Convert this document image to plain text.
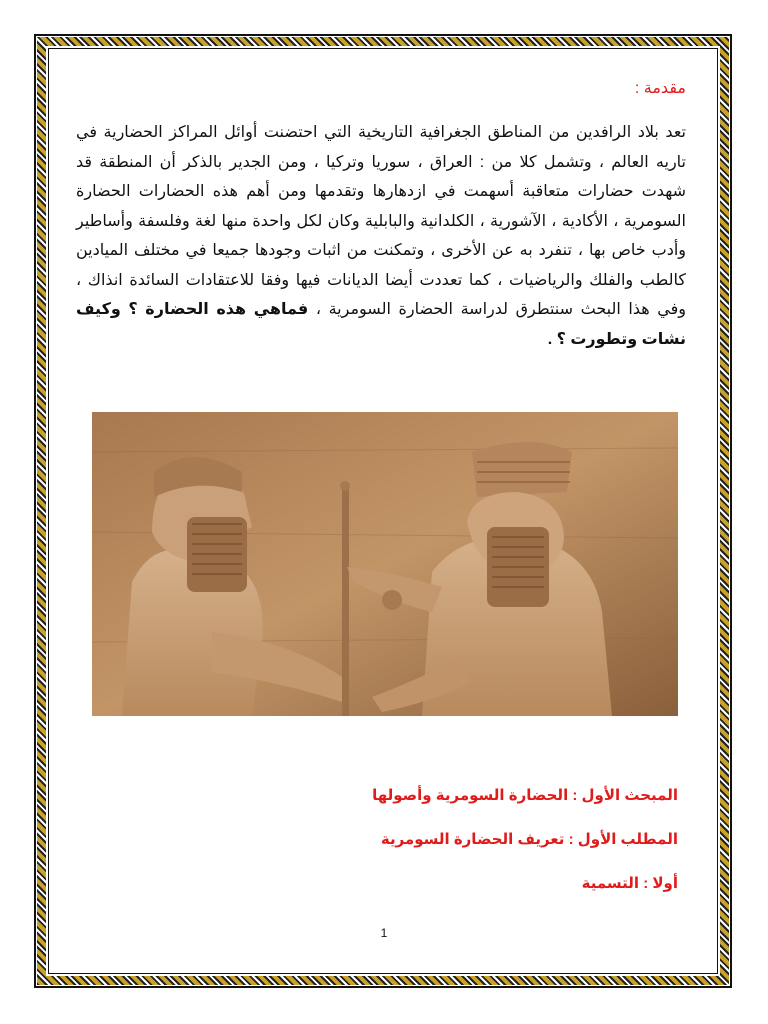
مقدمة :

تعد بلاد الرافدين من المناطق الجغرافية التاريخية التي احتضنت أوائل المراكز الحضارية في تاريه العالم ، وتشمل كلا من : العراق ، سوريا وتركيا ، ومن الجدير بالذكر أن المنطقة قد شهدت حضارات متعاقبة أسهمت في ازدهارها وتقدمها ومن أهم هذه الحضارات الحضارة السومرية ، الأكادية ، الآشورية ، الكلدانية والبابلية وكان لكل واحدة منها لغة وفلسفة وأساطير وأدب خاص بها ، تنفرد به عن الأخرى ، وتمكنت من اثبات وجودها جميعا في مختلف الميادين كالطب والفلك والرياضيات ، كما تعددت أيضا الديانات فيها وفقا للاعتقادات السائدة انذاك ، وفي هذا البحث سنتطرق لدراسة الحضارة السومرية ، فماهي هذه الحضارة ؟ وكيف نشات وتطورت ؟ .

المبحث الأول : الحضارة السومرية وأصولها

المطلب الأول : تعريف الحضارة السومرية

أولا : التسمية

1
